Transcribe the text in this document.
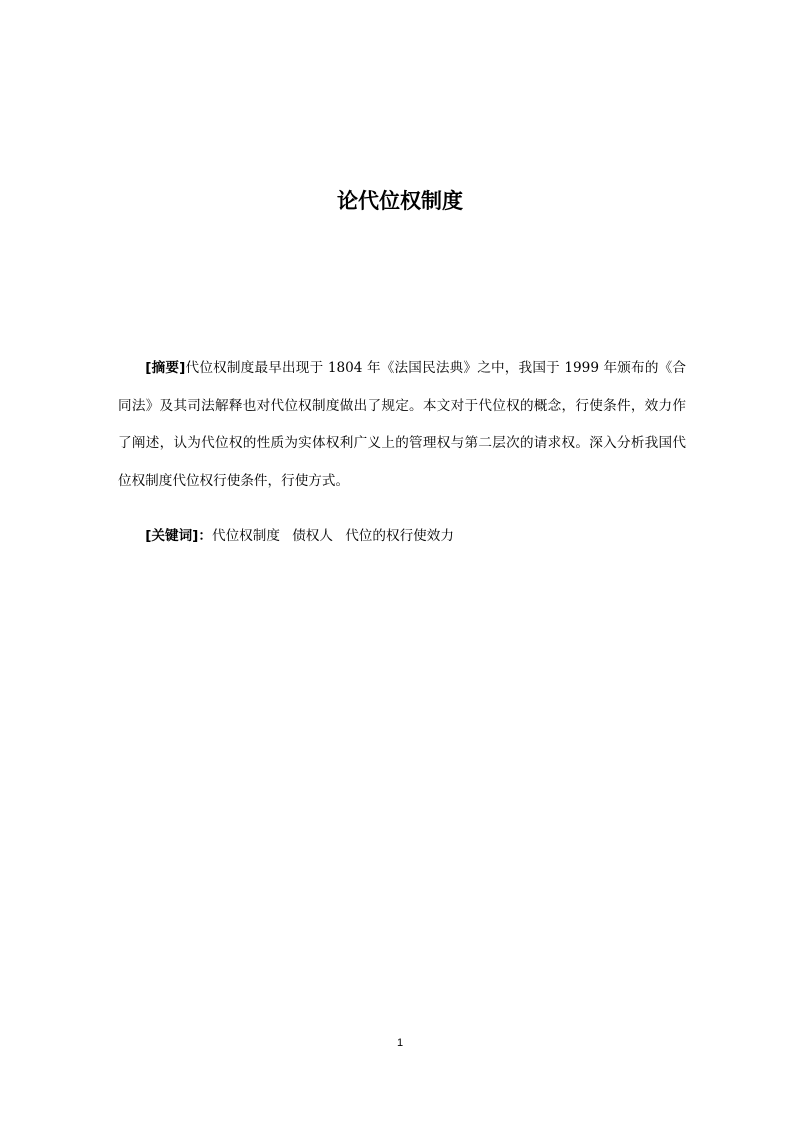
论代位权制度

[摘要]代位权制度最早出现于 1804 年《法国民法典》之中，我国于 1999 年颁布的《合同法》及其司法解释也对代位权制度做出了规定。本文对于代位权的概念，行使条件，效力作了阐述，认为代位权的性质为实体权利广义上的管理权与第二层次的请求权。深入分析我国代位权制度代位权行使条件，行使方式。

[关键词]：代位权制度 债权人 代位的权行使效力

1
